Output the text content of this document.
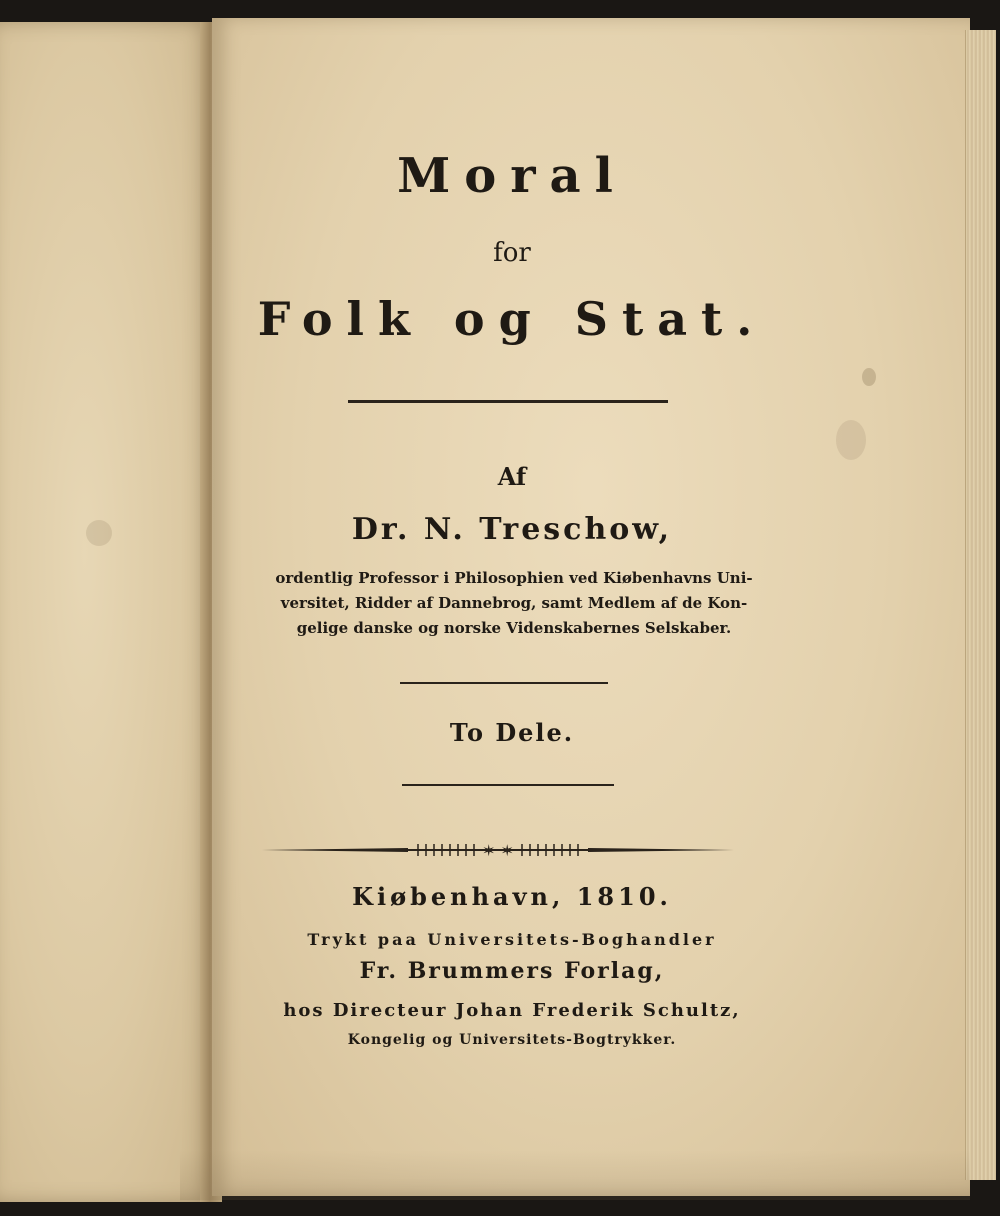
Moral

for

Folk og Stat.

Af

Dr. N. Treschow,

ordentlig Professor i Philosophien ved Kiøbenhavns Uni-
versitet, Ridder af Dannebrog, samt Medlem af de Kon-
gelige danske og norske Videnskabernes Selskaber.

To Dele.

✶ ✶

Kiøbenhavn, 1810.

Trykt paa Universitets-Boghandler

Fr. Brummers Forlag,

hos Directeur Johan Frederik Schultz,

Kongelig og Universitets-Bogtrykker.
